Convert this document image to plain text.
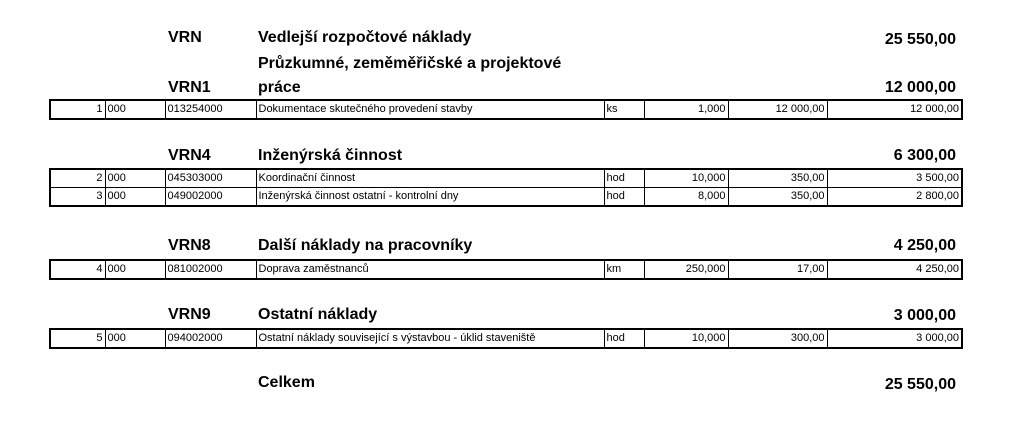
VRN	Vedlejší rozpočtové náklady	25 550,00
Průzkumné, zeměměřičské a projektové
VRN1	práce	12 000,00
1	000	013254000	Dokumentace skutečného provedení stavby	ks	1,000	12 000,00	12 000,00
VRN4	Inženýrská činnost	6 300,00
2	000	045303000	Koordinační činnost	hod	10,000	350,00	3 500,00
3	000	049002000	Inženýrská činnost ostatní - kontrolní dny	hod	8,000	350,00	2 800,00
VRN8	Další náklady na pracovníky	4 250,00
4	000	081002000	Doprava zaměstnanců	km	250,000	17,00	4 250,00
VRN9	Ostatní náklady	3 000,00
5	000	094002000	Ostatní náklady související s výstavbou - úklid staveniště	hod	10,000	300,00	3 000,00
Celkem	25 550,00
